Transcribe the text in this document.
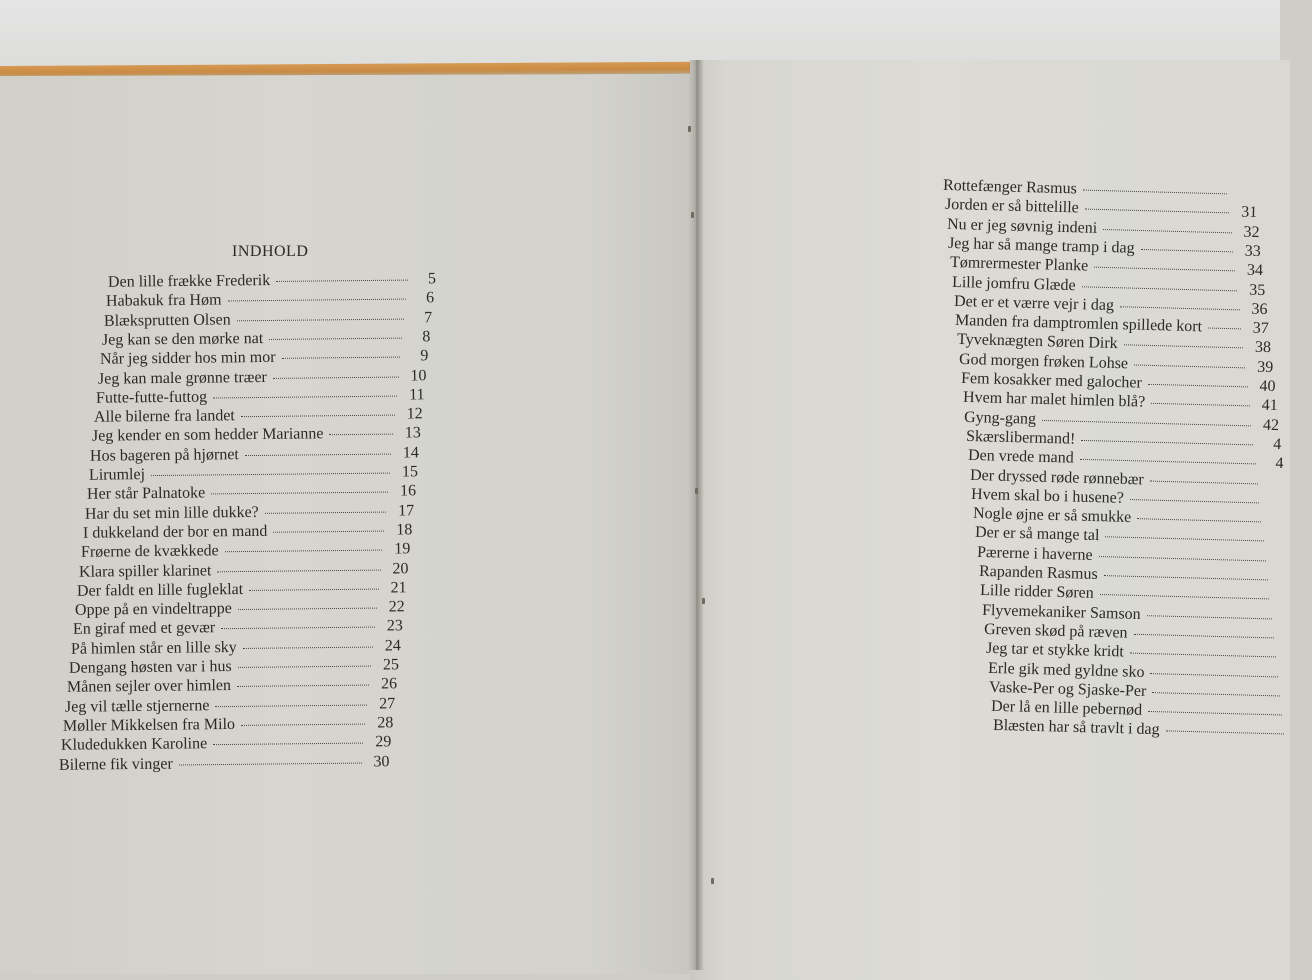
INDHOLD
Den lille frække Frederik	5
Habakuk fra Høm	6
Blæksprutten Olsen	7
Jeg kan se den mørke nat	8
Når jeg sidder hos min mor	9
Jeg kan male grønne træer	10
Futte-futte-futtog	11
Alle bilerne fra landet	12
Jeg kender en som hedder Marianne	13
Hos bageren på hjørnet	14
Lirumlej	15
Her står Palnatoke	16
Har du set min lille dukke?	17
I dukkeland der bor en mand	18
Frøerne de kvækkede	19
Klara spiller klarinet	20
Der faldt en lille fugleklat	21
Oppe på en vindeltrappe	22
En giraf med et gevær	23
På himlen står en lille sky	24
Dengang høsten var i hus	25
Månen sejler over himlen	26
Jeg vil tælle stjernerne	27
Møller Mikkelsen fra Milo	28
Kludedukken Karoline	29
Bilerne fik vinger	30
Rottefænger Rasmus
Jorden er så bittelille	31
Nu er jeg søvnig indeni	32
Jeg har så mange tramp i dag	33
Tømrermester Planke	34
Lille jomfru Glæde	35
Det er et værre vejr i dag	36
Manden fra damptromlen spillede kort	37
Tyveknægten Søren Dirk	38
God morgen frøken Lohse	39
Fem kosakker med galocher	40
Hvem har malet himlen blå?	41
Gyng-gang	42
Skærslibermand!	4
Den vrede mand	4
Der dryssed røde rønnebær
Hvem skal bo i husene?
Nogle øjne er så smukke
Der er så mange tal
Pærerne i haverne
Rapanden Rasmus
Lille ridder Søren
Flyvemekaniker Samson
Greven skød på ræven
Jeg tar et stykke kridt
Erle gik med gyldne sko
Vaske-Per og Sjaske-Per
Der lå en lille pebernød
Blæsten har så travlt i dag
